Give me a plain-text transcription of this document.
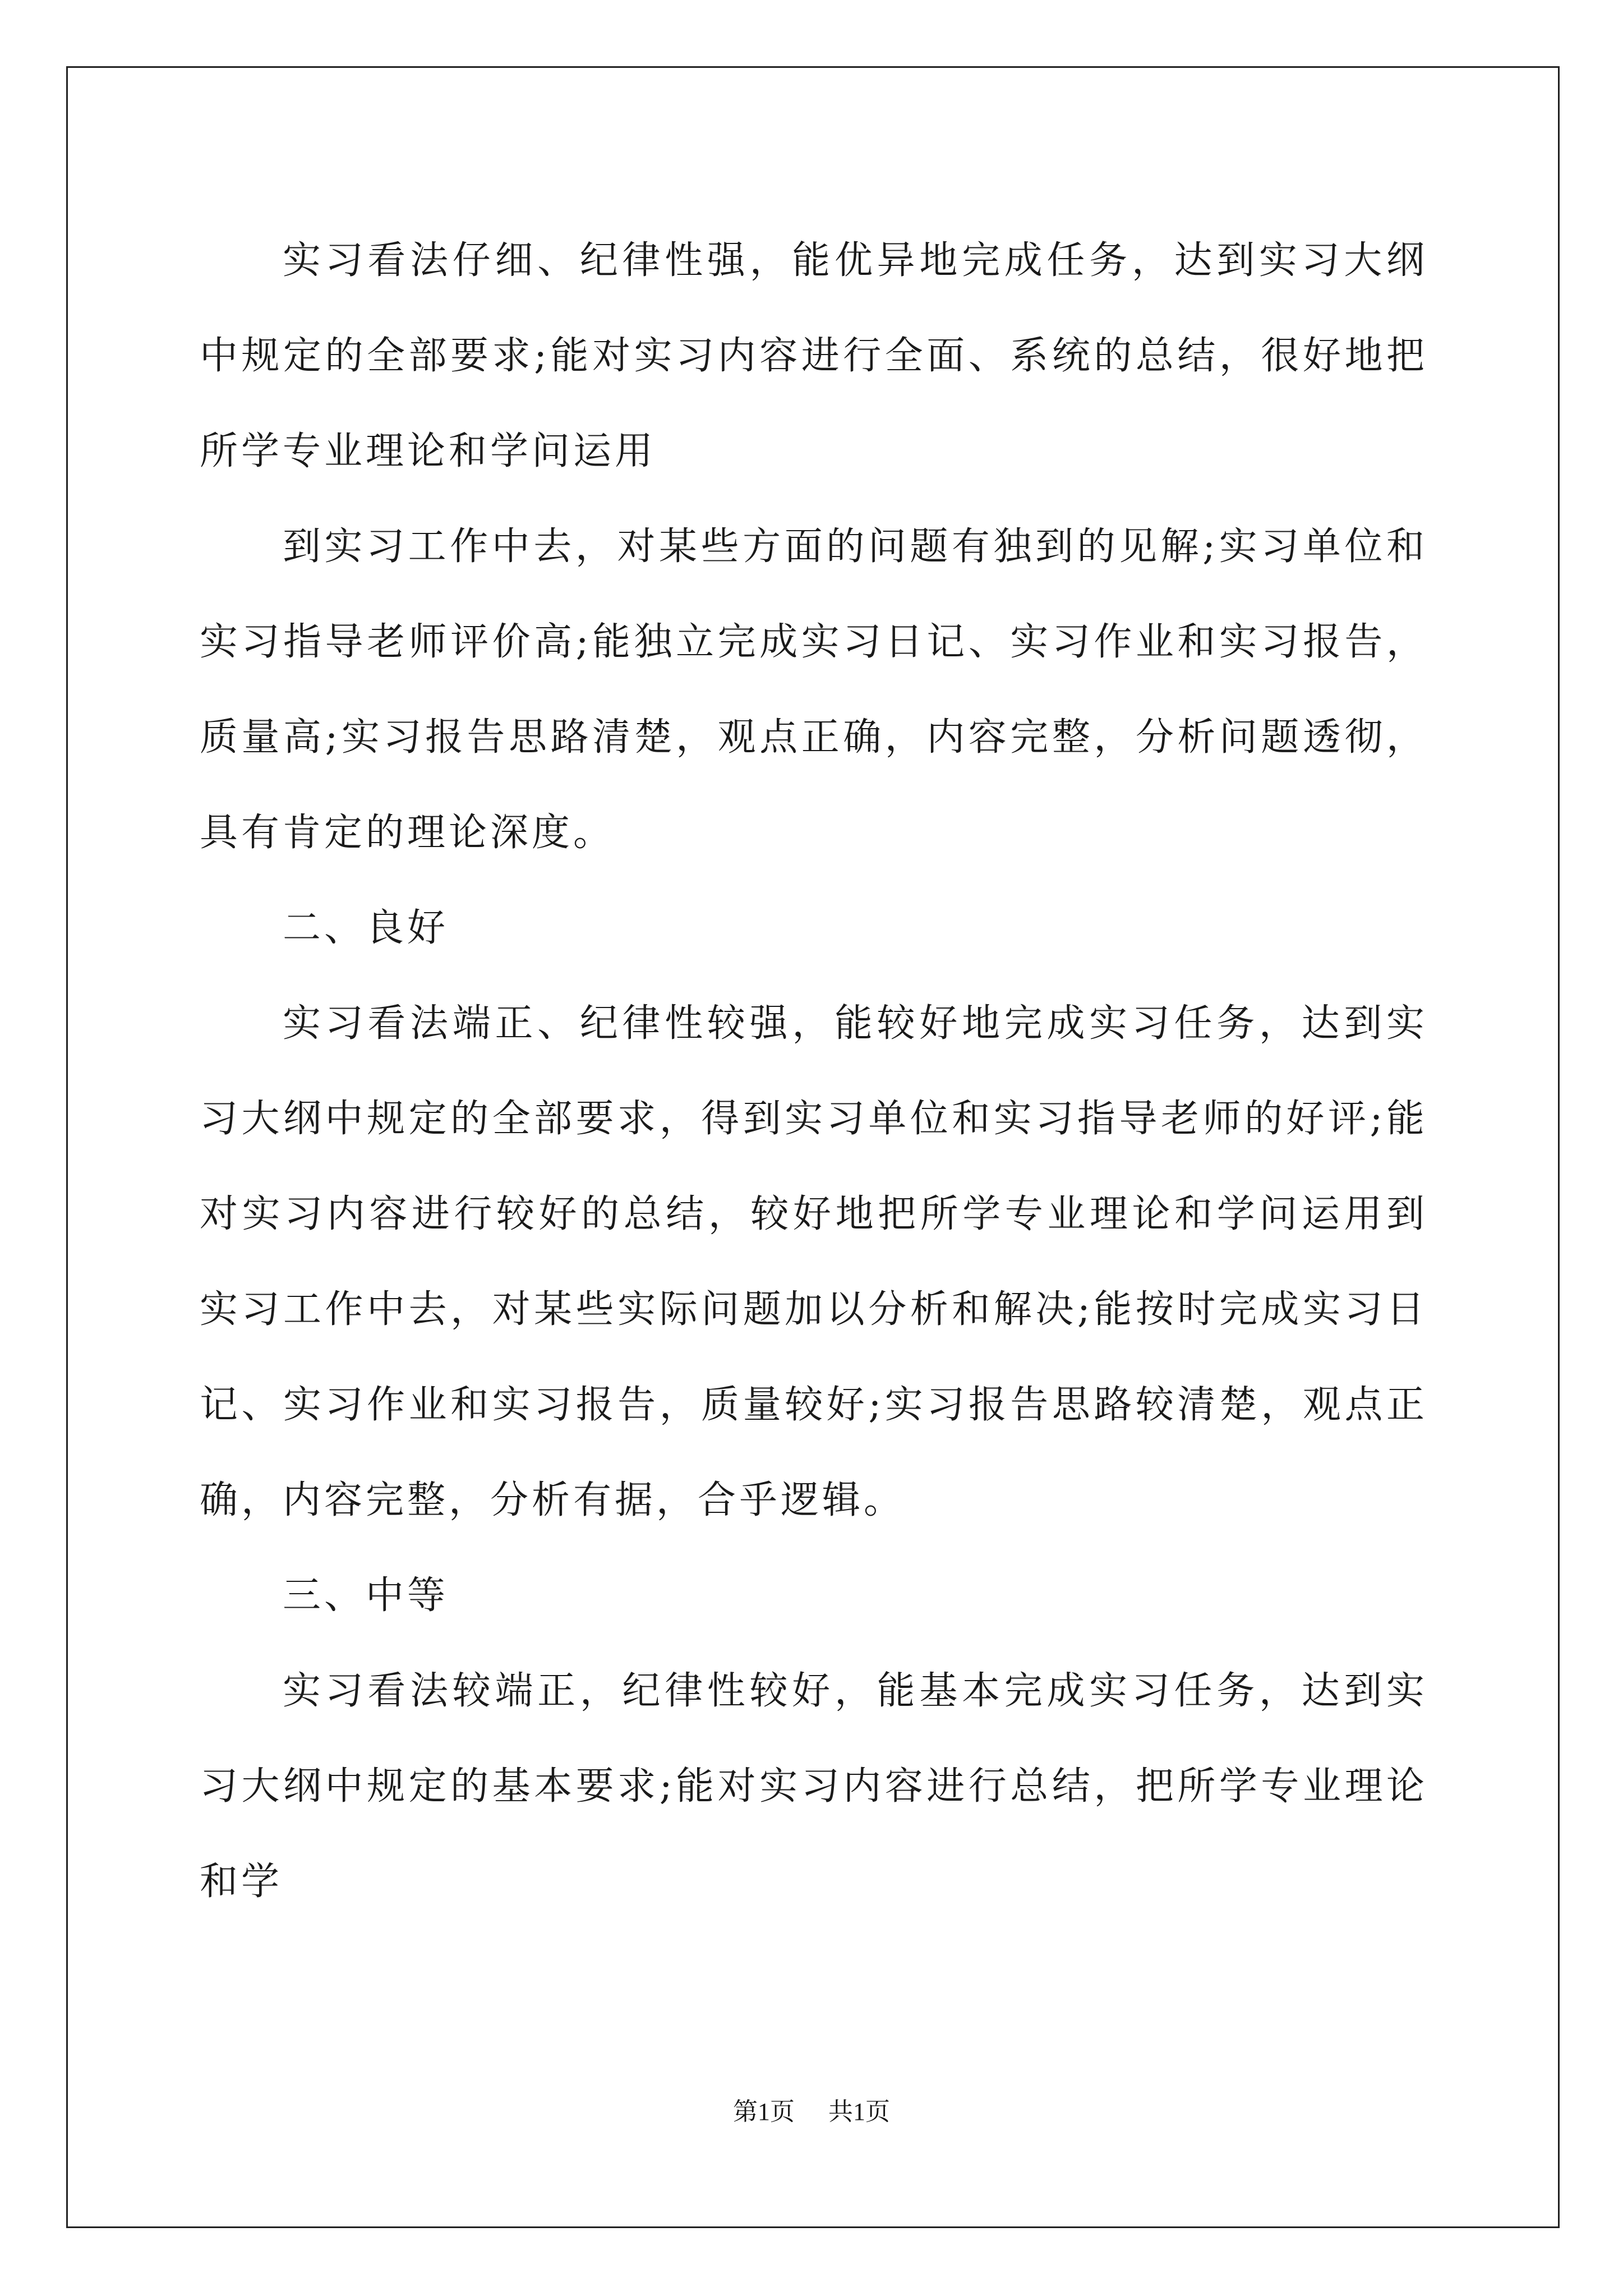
实习看法仔细、纪律性强，能优异地完成任务，达到实习大纲中规定的全部要求;能对实习内容进行全面、系统的总结，很好地把所学专业理论和学问运用

到实习工作中去，对某些方面的问题有独到的见解;实习单位和实习指导老师评价高;能独立完成实习日记、实习作业和实习报告，质量高;实习报告思路清楚，观点正确，内容完整，分析问题透彻，具有肯定的理论深度。

二、良好

实习看法端正、纪律性较强，能较好地完成实习任务，达到实习大纲中规定的全部要求，得到实习单位和实习指导老师的好评;能对实习内容进行较好的总结，较好地把所学专业理论和学问运用到实习工作中去，对某些实际问题加以分析和解决;能按时完成实习日记、实习作业和实习报告，质量较好;实习报告思路较清楚，观点正确，内容完整，分析有据，合乎逻辑。

三、中等

实习看法较端正，纪律性较好，能基本完成实习任务，达到实习大纲中规定的基本要求;能对实习内容进行总结，把所学专业理论和学

第1页 共1页
